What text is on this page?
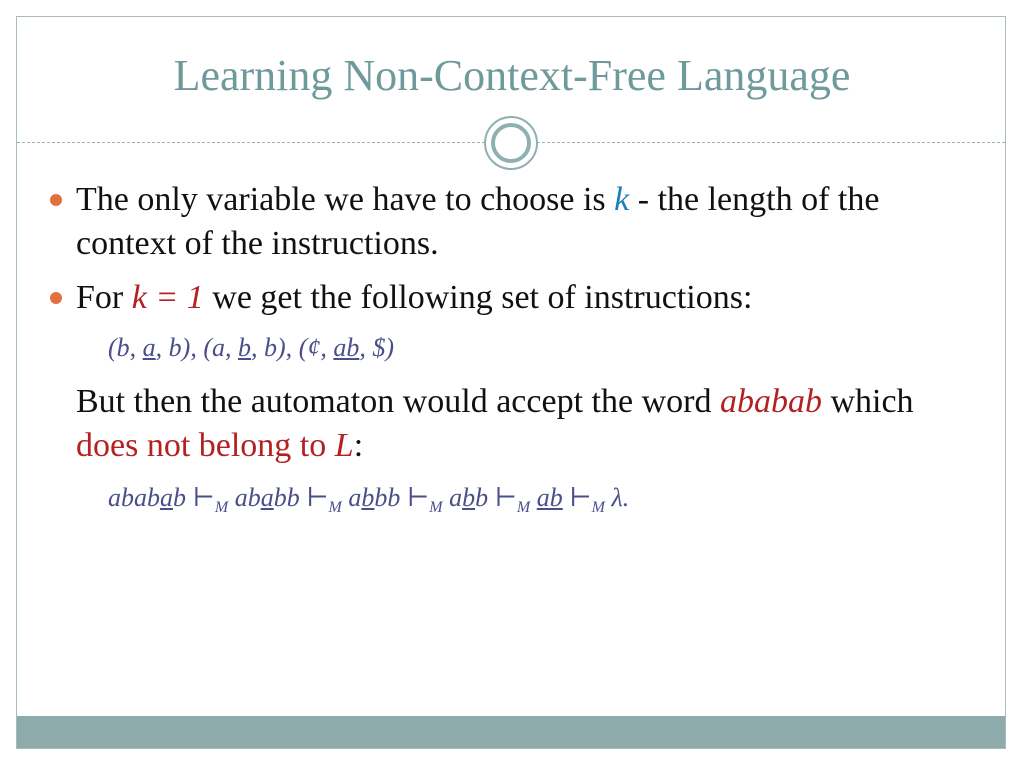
Learning Non-Context-Free Language
The only variable we have to choose is k - the length of the context of the instructions.
For k = 1 we get the following set of instructions:
(b, a, b), (a, b, b), (¢, ab, $)
But then the automaton would accept the word ababab which does not belong to L:
ababab $⊢_M$ ababb $⊢_M$ abbb $⊢_M$ abb $⊢_M$ ab $⊢_M$ λ.
